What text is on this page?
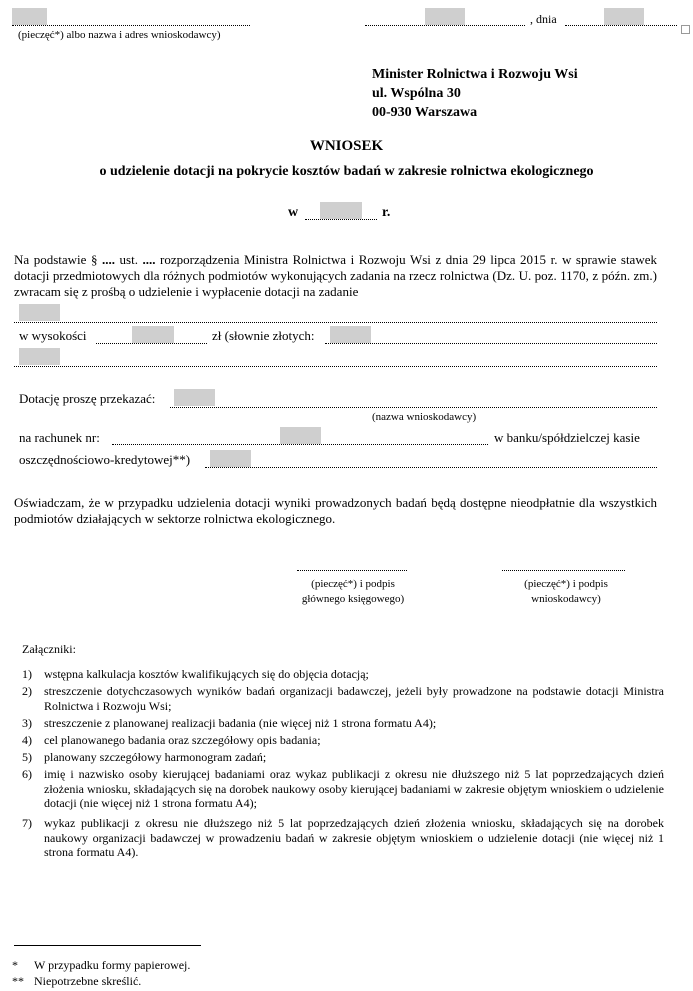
(pieczęć*) albo nazwa i adres wnioskodawcy)
, dnia
Minister Rolnictwa i Rozwoju Wsi
ul. Wspólna 30
00-930 Warszawa
WNIOSEK
o udzielenie dotacji na pokrycie kosztów badań w zakresie rolnictwa ekologicznego
w	r.
Na podstawie § .... ust. .... rozporządzenia Ministra Rolnictwa i Rozwoju Wsi z dnia 29 lipca 2015 r. w sprawie stawek dotacji przedmiotowych dla różnych podmiotów wykonujących zadania na rzecz rolnictwa (Dz. U. poz. 1170, z późn. zm.) zwracam się z prośbą o udzielenie i wypłacenie dotacji na zadanie
w wysokości	zł (słownie złotych:
Dotację proszę przekazać:
(nazwa wnioskodawcy)
na rachunek nr:	w banku/spółdzielczej kasie
oszczędnościowo-kredytowej**)
Oświadczam, że w przypadku udzielenia dotacji wyniki prowadzonych badań będą dostępne nieodpłatnie dla wszystkich podmiotów działających w sektorze rolnictwa ekologicznego.
(pieczęć*) i podpis
głównego księgowego)
(pieczęć*) i podpis
wnioskodawcy)
Załączniki:
1)	wstępna kalkulacja kosztów kwalifikujących się do objęcia dotacją;
2)	streszczenie dotychczasowych wyników badań organizacji badawczej, jeżeli były prowadzone na podstawie dotacji Ministra Rolnictwa i Rozwoju Wsi;
3)	streszczenie z planowanej realizacji badania (nie więcej niż 1 strona formatu A4);
4)	cel planowanego badania oraz szczegółowy opis badania;
5)	planowany szczegółowy harmonogram zadań;
6)	imię i nazwisko osoby kierującej badaniami oraz wykaz publikacji z okresu nie dłuższego niż 5 lat poprzedzających dzień złożenia wniosku, składających się na dorobek naukowy osoby kierującej badaniami w zakresie objętym wnioskiem o udzielenie dotacji (nie więcej niż 1 strona formatu A4);
7)	wykaz publikacji z okresu nie dłuższego niż 5 lat poprzedzających dzień złożenia wniosku, składających się na dorobek naukowy organizacji badawczej w prowadzeniu badań w zakresie objętym wnioskiem o udzielenie dotacji (nie więcej niż 1 strona formatu A4).
* W przypadku formy papierowej.
** Niepotrzebne skreślić.
